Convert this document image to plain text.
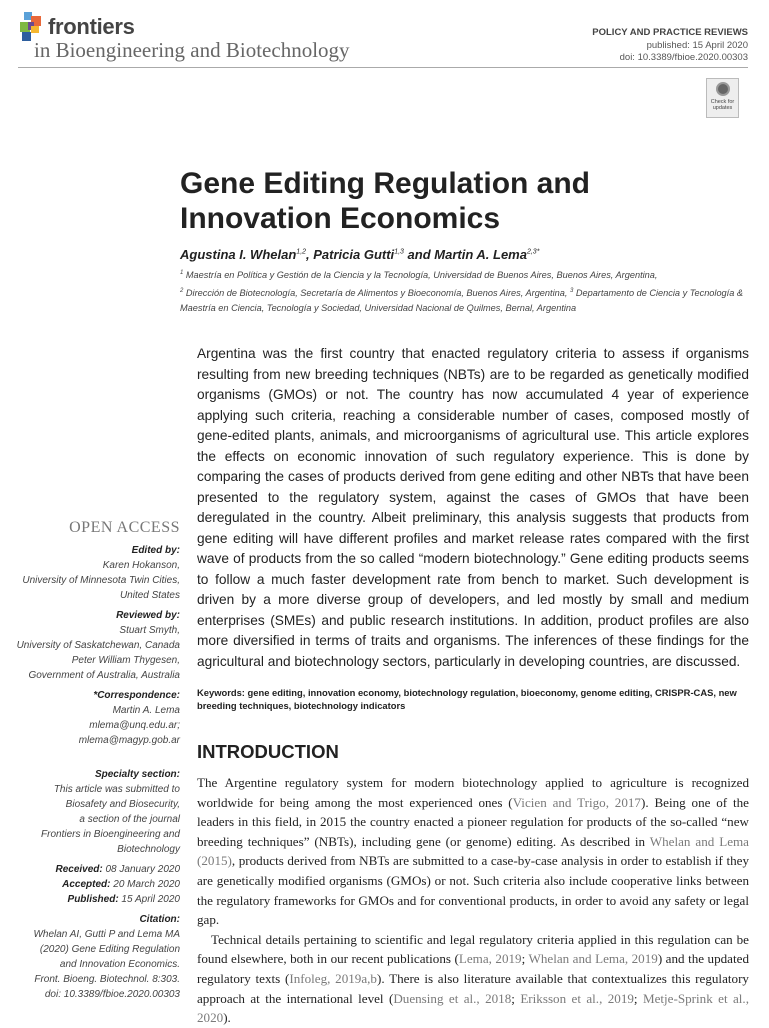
frontiers
in Bioengineering and Biotechnology
POLICY AND PRACTICE REVIEWS
published: 15 April 2020
doi: 10.3389/fbioe.2020.00303
Check for updates
Gene Editing Regulation and Innovation Economics
Agustina I. Whelan$^{1,2}$, Patricia Gutti$^{1,3}$ and Martin A. Lema$^{2,3*}$
$^1$ Maestría en Política y Gestión de la Ciencia y la Tecnología, Universidad de Buenos Aires, Buenos Aires, Argentina,
$^2$ Dirección de Biotecnología, Secretaría de Alimentos y Bioeconomía, Buenos Aires, Argentina, $^3$ Departamento de Ciencia y Tecnología & Maestría en Ciencia, Tecnología y Sociedad, Universidad Nacional de Quilmes, Bernal, Argentina
OPEN ACCESS
Edited by:
Karen Hokanson,
University of Minnesota Twin Cities,
United States
Reviewed by:
Stuart Smyth,
University of Saskatchewan, Canada
Peter William Thygesen,
Government of Australia, Australia
*Correspondence:
Martin A. Lema
mlema@unq.edu.ar;
mlema@magyp.gob.ar
Specialty section:
This article was submitted to
Biosafety and Biosecurity,
a section of the journal
Frontiers in Bioengineering and
Biotechnology
Received: 08 January 2020
Accepted: 20 March 2020
Published: 15 April 2020
Citation:
Whelan AI, Gutti P and Lema MA
(2020) Gene Editing Regulation
and Innovation Economics.
Front. Bioeng. Biotechnol. 8:303.
doi: 10.3389/fbioe.2020.00303
Argentina was the first country that enacted regulatory criteria to assess if organisms resulting from new breeding techniques (NBTs) are to be regarded as genetically modified organisms (GMOs) or not. The country has now accumulated 4 year of experience applying such criteria, reaching a considerable number of cases, composed mostly of gene-edited plants, animals, and microorganisms of agricultural use. This article explores the effects on economic innovation of such regulatory experience. This is done by comparing the cases of products derived from gene editing and other NBTs that have been presented to the regulatory system, against the cases of GMOs that have been deregulated in the country. Albeit preliminary, this analysis suggests that products from gene editing will have different profiles and market release rates compared with the first wave of products from the so called “modern biotechnology.” Gene editing products seems to follow a much faster development rate from bench to market. Such development is driven by a more diverse group of developers, and led mostly by small and medium enterprises (SMEs) and public research institutions. In addition, product profiles are also more diversified in terms of traits and organisms. The inferences of these findings for the agricultural and biotechnology sectors, particularly in developing countries, are discussed.
Keywords: gene editing, innovation economy, biotechnology regulation, bioeconomy, genome editing, CRISPR-CAS, new breeding techniques, biotechnology indicators
INTRODUCTION

The Argentine regulatory system for modern biotechnology applied to agriculture is recognized worldwide for being among the most experienced ones (Vicien and Trigo, 2017). Being one of the leaders in this field, in 2015 the country enacted a pioneer regulation for products of the so-called “new breeding techniques” (NBTs), including gene (or genome) editing. As described in Whelan and Lema (2015), products derived from NBTs are submitted to a case-by-case analysis in order to establish if they are genetically modified organisms (GMOs) or not. Such criteria also include cooperative links between the regulatory frameworks for GMOs and for conventional products, in order to avoid any safety or legal gap.

Technical details pertaining to scientific and legal regulatory criteria applied in this regulation can be found elsewhere, both in our recent publications (Lema, 2019; Whelan and Lema, 2019) and the updated regulatory texts (Infoleg, 2019a,b). There is also literature available that contextualizes this regulatory approach at the international level (Duensing et al., 2018; Eriksson et al., 2019; Metje-Sprink et al., 2020).
